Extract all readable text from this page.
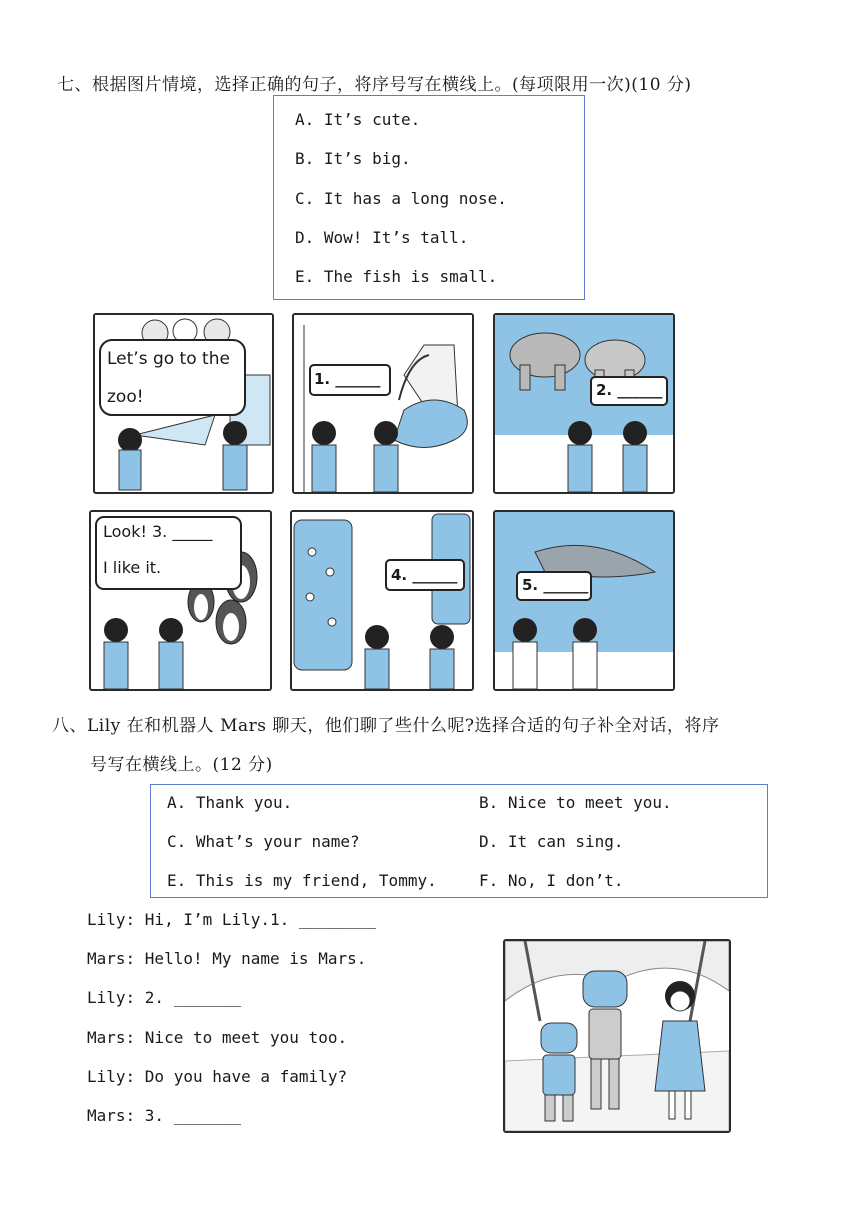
七、根据图片情境，选择正确的句子，将序号写在横线上。(每项限用一次)(10 分)
A. It’s cute.
B. It’s big.
C. It has a long nose.
D. Wow! It’s tall.
E. The fish is small.
Let’s go to the
zoo!
1. ______
2. ______
Look! 3. _____
I like it.	4. ______
5. ______
八、Lily 在和机器人 Mars 聊天，他们聊了些什么呢?选择合适的句子补全对话，将序
号写在横线上。(12 分)
A. Thank you.	B. Nice to meet you.
C. What’s your name?	D. It can sing.
E. This is my friend, Tommy.	F. No, I don’t.
Lily: Hi, I’m Lily.1. ________
Mars: Hello! My name is Mars.
Lily: 2. _______
Mars: Nice to meet you too.
Lily: Do you have a family?
Mars: 3. _______
